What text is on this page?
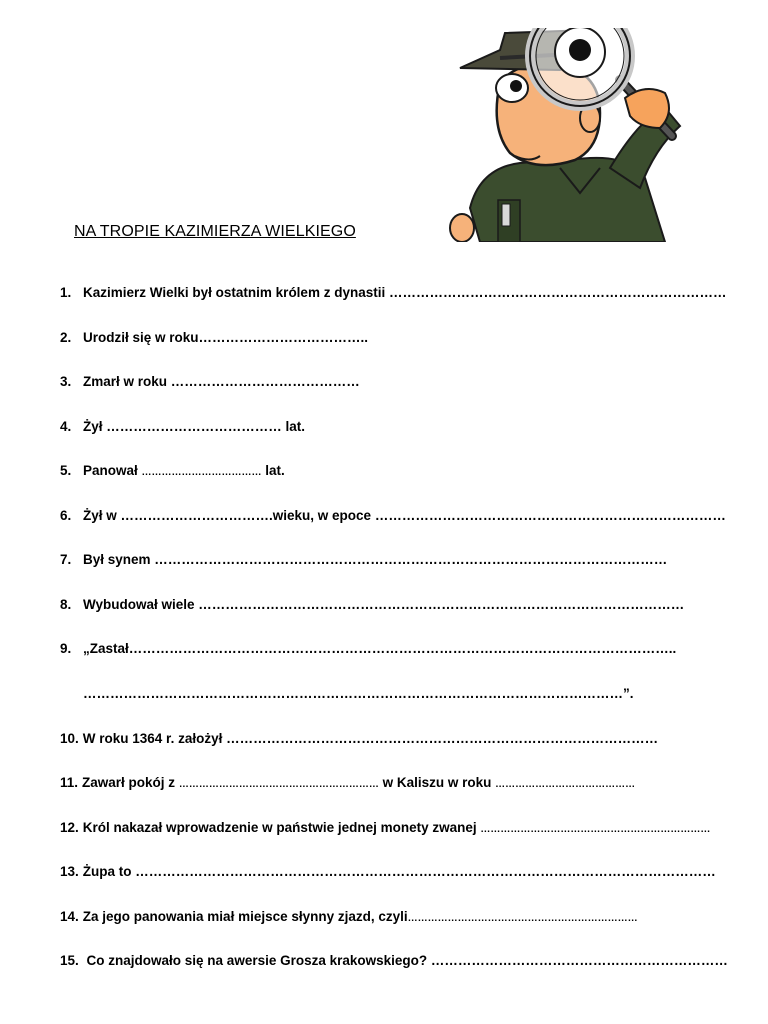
NA TROPIE KAZIMIERZA WIELKIEGO
1. Kazimierz Wielki był ostatnim królem z dynastii …………………………………………………………………
2. Urodził się w roku………………………………..
3. Zmarł w roku ……………………………………
4. Żył ………………………………… lat.
5. Panował ……………………………… lat.
6. Żył w …………………………….wieku, w epoce ……………………………………………………………………
7. Był synem ……………………………………………………………………………………………………
8. Wybudował wiele ………………………………………………………………………………………………
9. „Zastał…………………………………………………………………………………………………………..
…………………………………………………………………………………………………………”.
10. W roku 1364 r. założył ……………………………………………………………………………………
11. Zawarł pokój z …………………………………………………… w Kaliszu w roku ……………………………………
12. Król nakazał wprowadzenie w państwie jednej monety zwanej ……………………………………………………………
13. Żupa to …………………………………………………………………………………………………………………
14. Za jego panowania miał miejsce słynny zjazd, czyli……………………………………………………………
15. Co znajdowało się na awersie Grosza krakowskiego? …………………………………………………………
